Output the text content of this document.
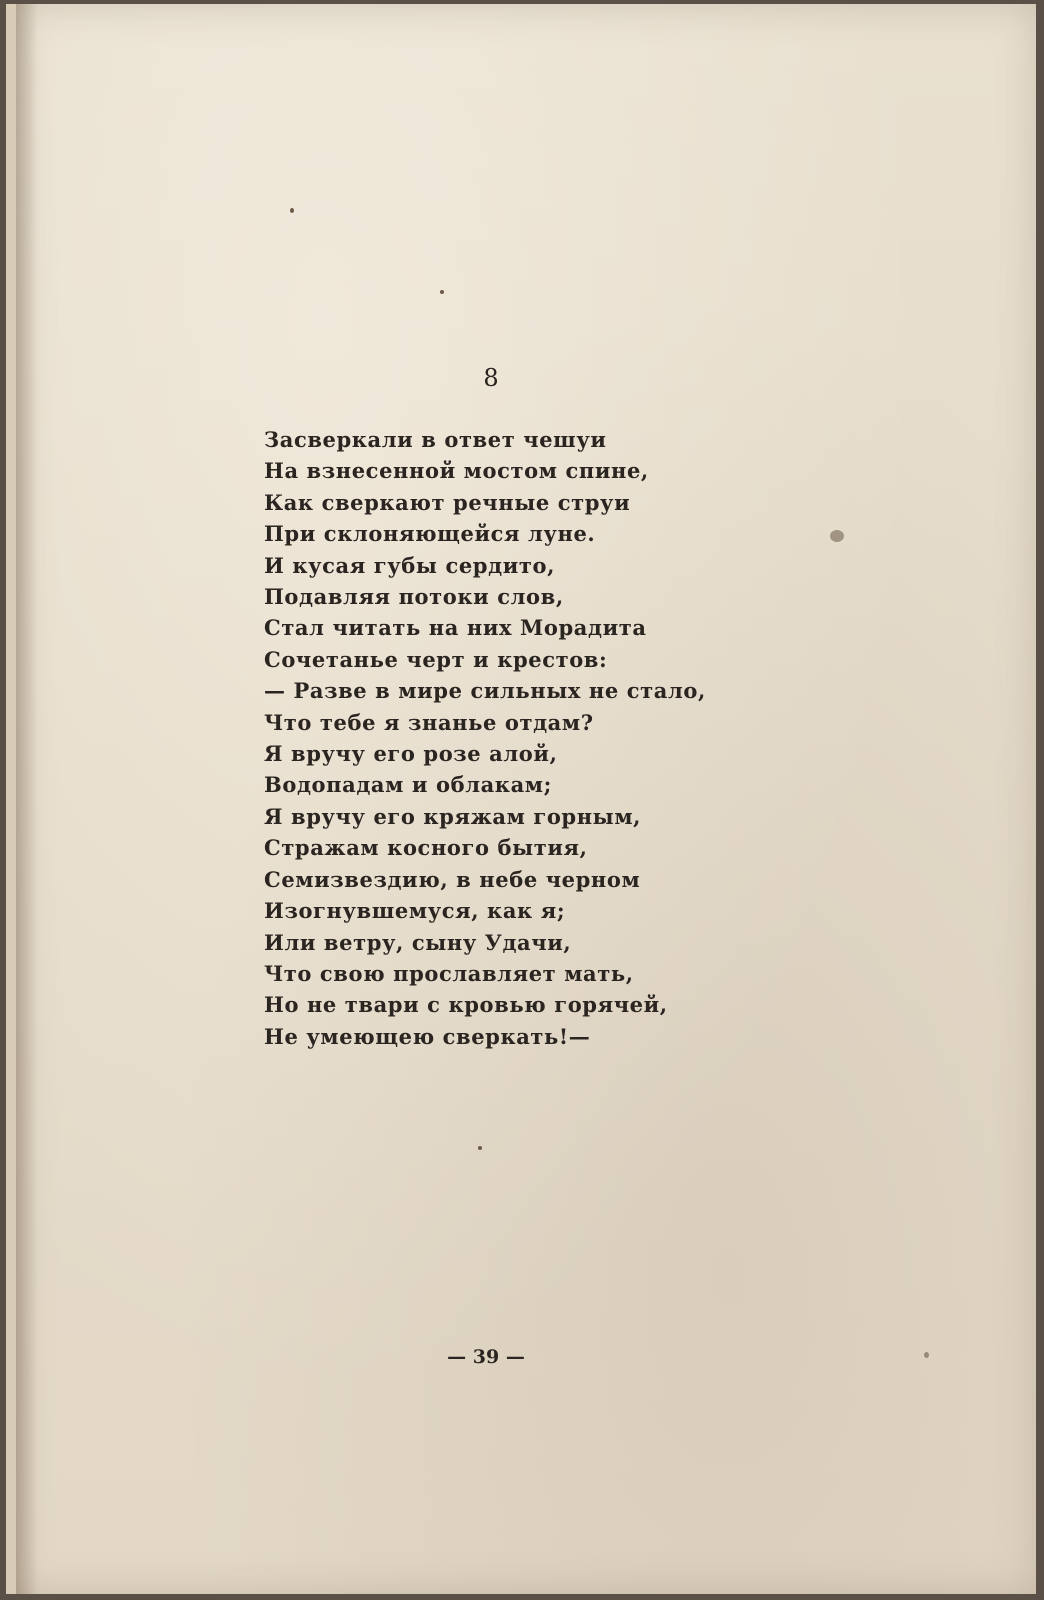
8
Засверкали в ответ чешуи
На взнесенной мостом спине,
Как сверкают речные струи
При склоняющейся луне.
И кусая губы сердито,
Подавляя потоки слов,
Стал читать на них Морадита
Сочетанье черт и крестов:
— Разве в мире сильных не стало,
Что тебе я знанье отдам?
Я вручу его розе алой,
Водопадам и облакам;
Я вручу его кряжам горным,
Стражам косного бытия,
Семизвездию, в небе черном
Изогнувшемуся, как я;
Или ветру, сыну Удачи,
Что свою прославляет мать,
Но не твари с кровью горячей,
Не умеющею сверкать!—
— 39 —
